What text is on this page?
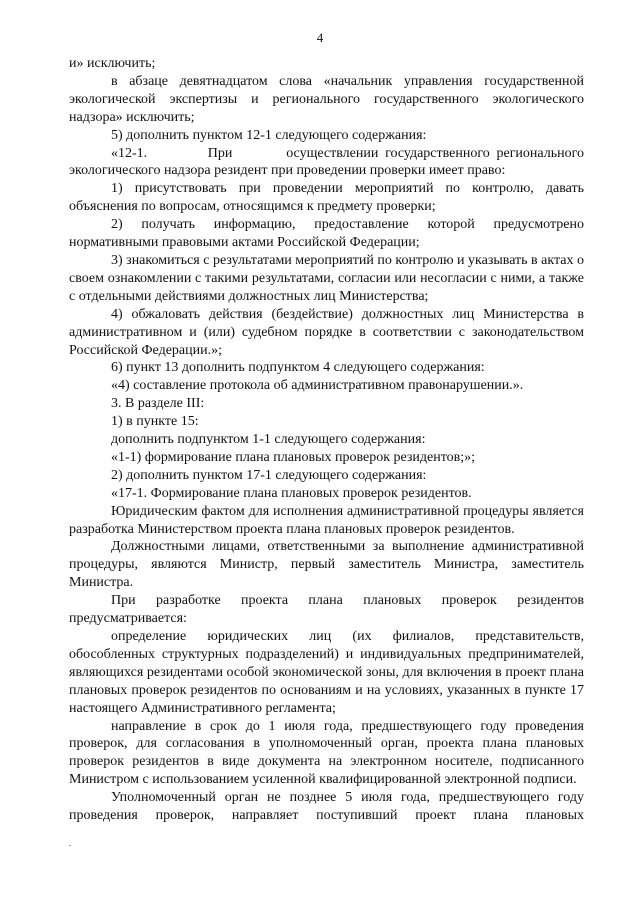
4

и» исключить;

в абзаце девятнадцатом слова «начальник управления государственной экологической экспертизы и регионального государственного экологического надзора» исключить;

5) дополнить пунктом 12-1 следующего содержания:

«12-1.	При	осуществлении государственного регионального экологического надзора резидент при проведении проверки имеет право:

1) присутствовать при проведении мероприятий по контролю, давать объяснения по вопросам, относящимся к предмету проверки;

2) получать информацию, предоставление которой предусмотрено нормативными правовыми актами Российской Федерации;

3) знакомиться с результатами мероприятий по контролю и указывать в актах о своем ознакомлении с такими результатами, согласии или несогласии с ними, а также с отдельными действиями должностных лиц Министерства;

4) обжаловать действия (бездействие) должностных лиц Министерства в административном и (или) судебном порядке в соответствии с законодательством Российской Федерации.»;

6) пункт 13 дополнить подпунктом 4 следующего содержания:

«4) составление протокола об административном правонарушении.».

3. В разделе III:

1) в пункте 15:

дополнить подпунктом 1-1 следующего содержания:

«1-1) формирование плана плановых проверок резидентов;»;

2) дополнить пунктом 17-1 следующего содержания:

«17-1. Формирование плана плановых проверок резидентов.

Юридическим фактом для исполнения административной процедуры является разработка Министерством проекта плана плановых проверок резидентов.

Должностными лицами, ответственными за выполнение административной процедуры, являются Министр, первый заместитель Министра, заместитель Министра.

При разработке проекта плана плановых проверок резидентов предусматривается:

определение юридических лиц (их филиалов, представительств, обособленных структурных подразделений) и индивидуальных предпринимателей, являющихся резидентами особой экономической зоны, для включения в проект плана плановых проверок резидентов по основаниям и на условиях, указанных в пункте 17 настоящего Административного регламента;

направление в срок до 1 июля года, предшествующего году проведения проверок, для согласования в уполномоченный орган, проекта плана плановых проверок резидентов в виде документа на электронном носителе, подписанного Министром с использованием усиленной квалифицированной электронной подписи.

Уполномоченный орган не позднее 5 июля года, предшествующего году проведения проверок, направляет поступивший проект плана плановых
